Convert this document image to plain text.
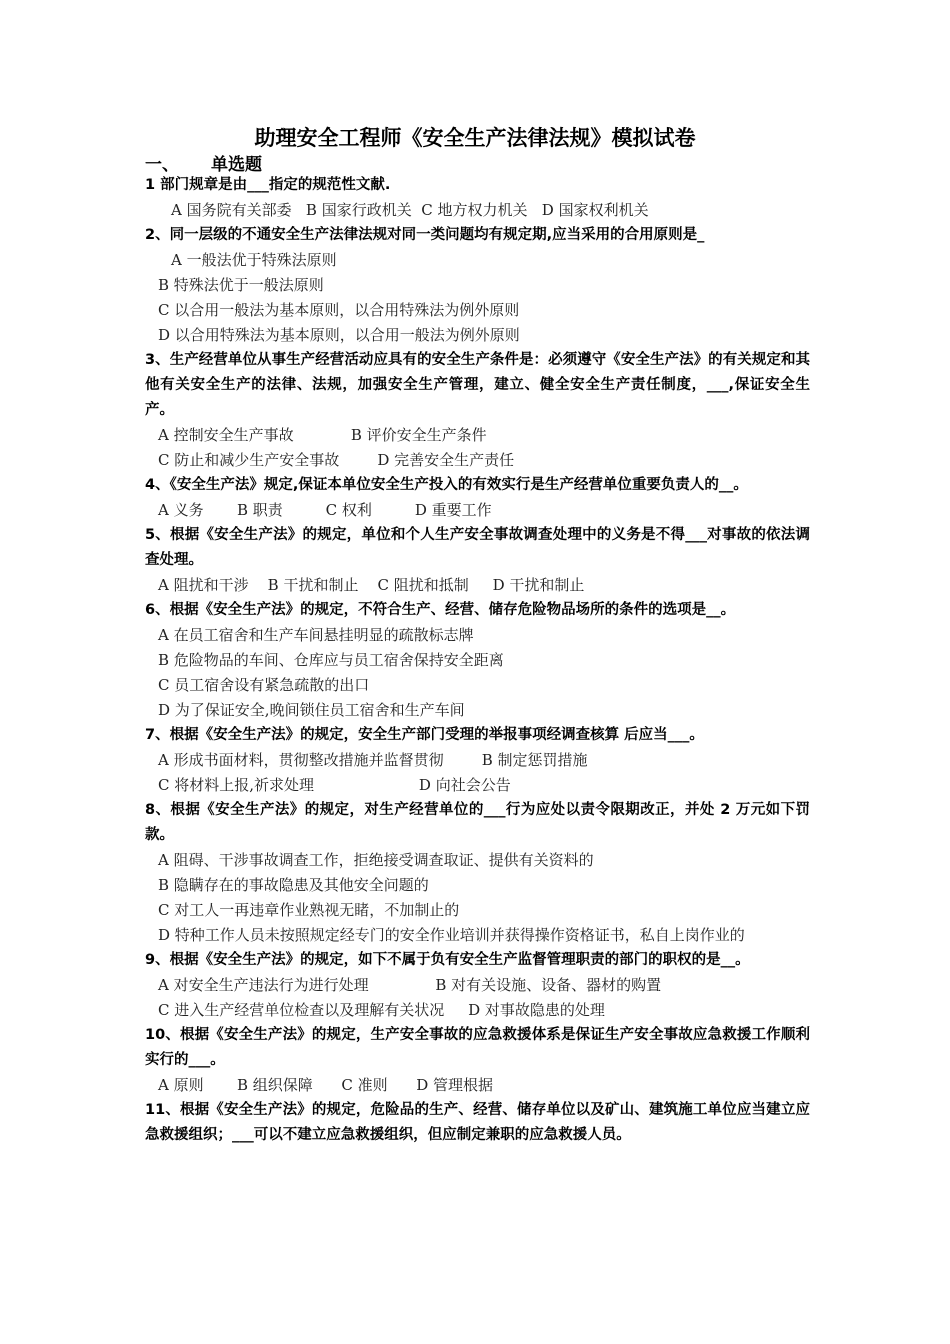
助理安全工程师《安全生产法律法规》模拟试卷
一、 单选题

1 部门规章是由___指定的规范性文献.

A 国务院有关部委   B 国家行政机关  C 地方权力机关   D 国家权利机关

2、同一层级的不通安全生产法律法规对同一类问题均有规定期,应当采用的合用原则是_

A 一般法优于特殊法原则

B 特殊法优于一般法原则

C 以合用一般法为基本原则，以合用特殊法为例外原则

D 以合用特殊法为基本原则，以合用一般法为例外原则

3、生产经营单位从事生产经营活动应具有的安全生产条件是：必须遵守《安全生产法》的有关规定和其他有关安全生产的法律、法规，加强安全生产管理，建立、健全安全生产责任制度，___,保证安全生产。

A 控制安全生产事故            B 评价安全生产条件

C 防止和减少生产安全事故        D 完善安全生产责任

4、《安全生产法》规定,保证本单位安全生产投入的有效实行是生产经营单位重要负责人的__。

A 义务       B 职责         C 权利         D 重要工作

5、根据《安全生产法》的规定，单位和个人生产安全事故调查处理中的义务是不得___对事故的依法调查处理。

A 阻扰和干涉    B 干扰和制止    C 阻扰和抵制     D 干扰和制止

6、根据《安全生产法》的规定，不符合生产、经营、储存危险物品场所的条件的选项是__。

A 在员工宿舍和生产车间悬挂明显的疏散标志牌

B 危险物品的车间、仓库应与员工宿舍保持安全距离

C 员工宿舍设有紧急疏散的出口

D 为了保证安全,晚间锁住员工宿舍和生产车间

7、根据《安全生产法》的规定，安全生产部门受理的举报事项经调查核算 后应当___。

A 形成书面材料，贯彻整改措施并监督贯彻        B 制定惩罚措施

C 将材料上报,祈求处理                      D 向社会公告

8、根据《安全生产法》的规定，对生产经营单位的___行为应处以责令限期改正，并处 2 万元如下罚款。

A 阻碍、干涉事故调查工作，拒绝接受调查取证、提供有关资料的

B 隐瞒存在的事故隐患及其他安全问题的

C 对工人一再违章作业熟视无睹，不加制止的

D 特种工作人员未按照规定经专门的安全作业培训并获得操作资格证书，私自上岗作业的

9、根据《安全生产法》的规定，如下不属于负有安全生产监督管理职责的部门的职权的是__。

A 对安全生产违法行为进行处理              B 对有关设施、设备、器材的购置

C 进入生产经营单位检查以及理解有关状况     D 对事故隐患的处理

10、根据《安全生产法》的规定，生产安全事故的应急救援体系是保证生产安全事故应急救援工作顺利实行的___。

A 原则       B 组织保障      C 准则      D 管理根据

11、根据《安全生产法》的规定，危险品的生产、经营、储存单位以及矿山、建筑施工单位应当建立应急救援组织；___可以不建立应急救援组织，但应制定兼职的应急救援人员。
